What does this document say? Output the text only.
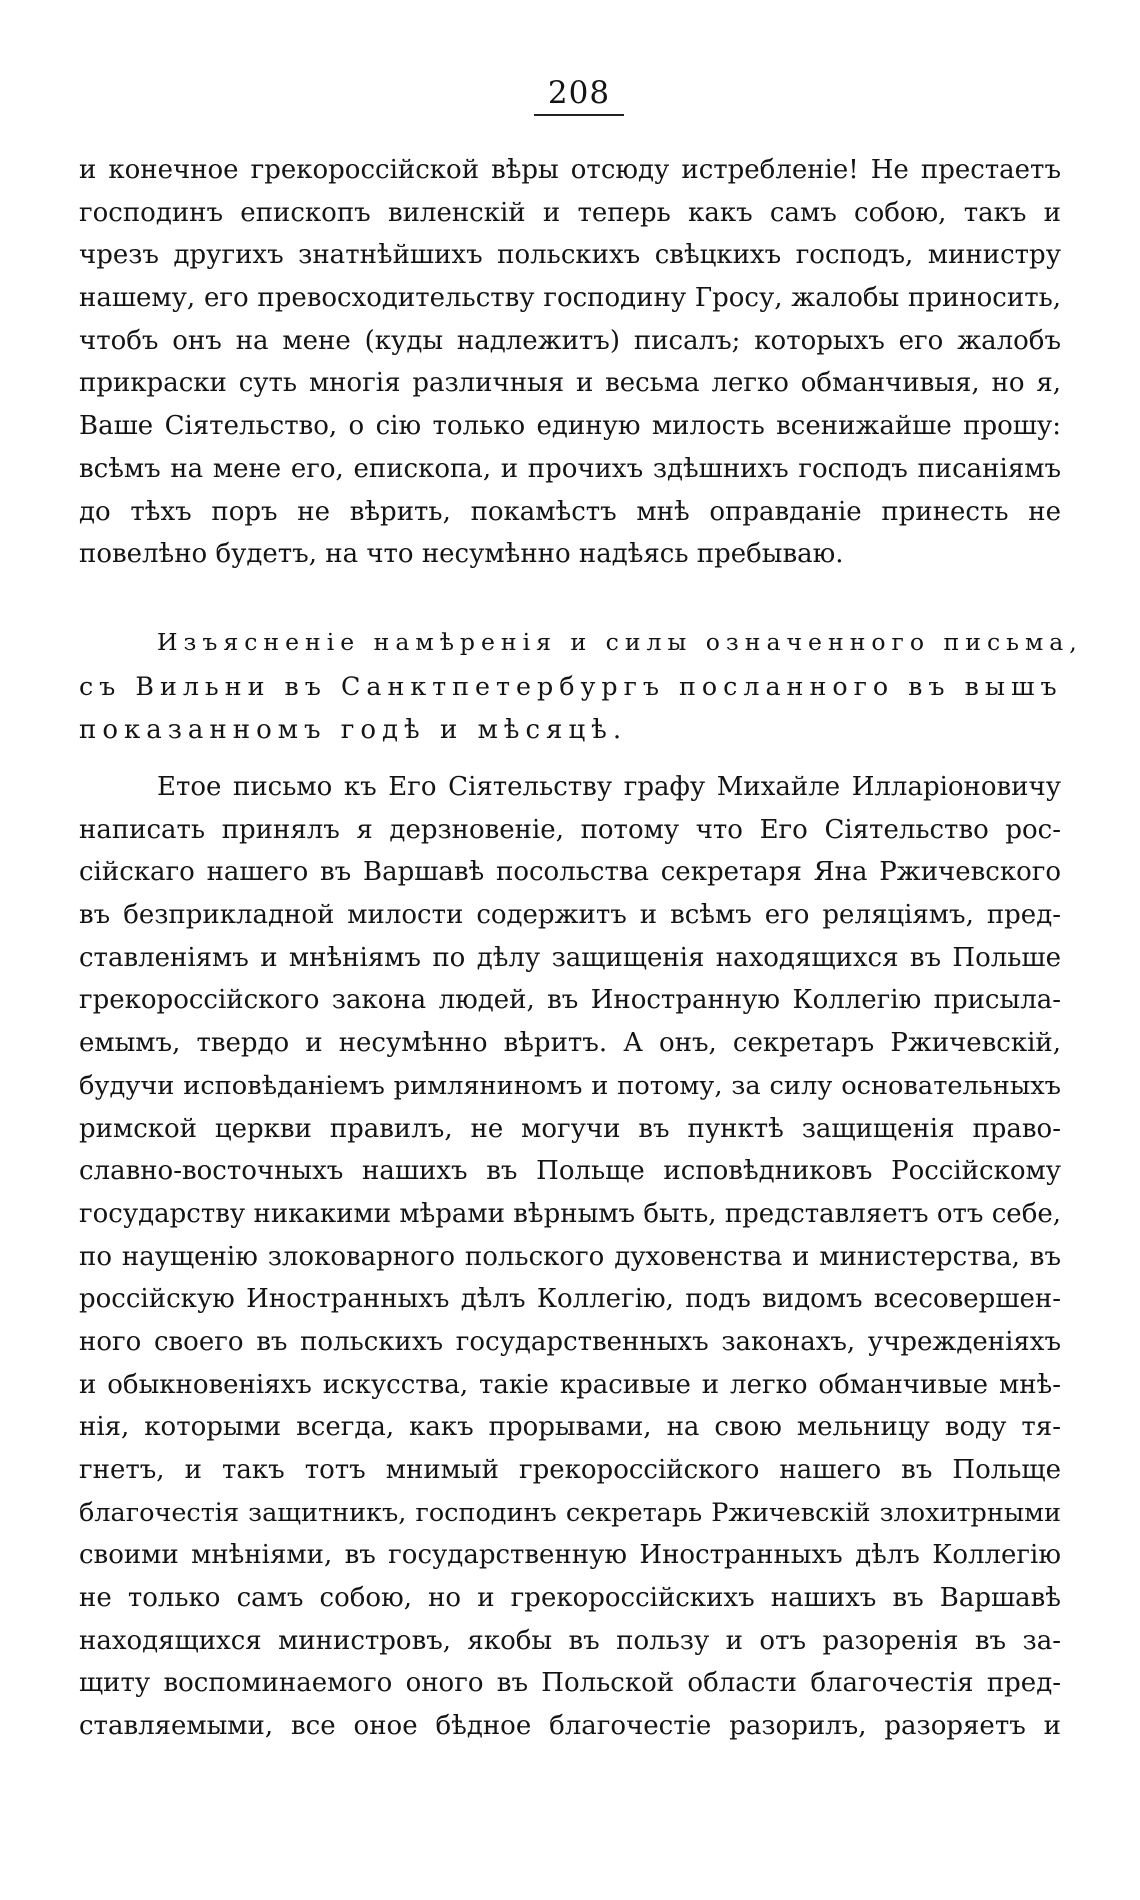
208
и конечное грекороссійской вѣры отсюду истребленіе! Не престаетъ
господинъ епископъ виленскій и теперь какъ самъ собою, такъ и
чрезъ другихъ знатнѣйшихъ польскихъ свѣцкихъ господъ, министру
нашему, его превосходительству господину Гросу, жалобы приносить,
чтобъ онъ на мене (куды надлежитъ) писалъ; которыхъ его жалобъ
прикраски суть многія различныя и весьма легко обманчивыя, но я,
Ваше Сіятельство, о сію только единую милость всенижайше прошу:
всѣмъ на мене его, епископа, и прочихъ здѣшнихъ господъ писаніямъ
до тѣхъ поръ не вѣрить, покамѣстъ мнѣ оправданіе принесть не
повелѣно будетъ, на что несумѣнно надѣясь пребываю.
Изъясненіе намѣренія и силы означенного письма,
съ Вильни въ Санктпетербургъ посланного въ вышъ
показанномъ годѣ и мѣсяцѣ.
Етое письмо къ Его Сіятельству графу Михайле Илларіоновичу
написать принялъ я дерзновеніе, потому что Его Сіятельство рос-
сійскаго нашего въ Варшавѣ посольства секретаря Яна Ржичевского
въ безприкладной милости содержитъ и всѣмъ его реляціямъ, пред-
ставленіямъ и мнѣніямъ по дѣлу защищенія находящихся въ Польше
грекороссійского закона людей, въ Иностранную Коллегію присыла-
емымъ, твердо и несумѣнно вѣритъ. А онъ, секретаръ Ржичевскій,
будучи исповѣданіемъ римляниномъ и потому, за силу основательныхъ
римской церкви правилъ, не могучи въ пунктѣ защищенія право-
славно-восточныхъ нашихъ въ Польще исповѣдниковъ Россійскому
государству никакими мѣрами вѣрнымъ быть, представляетъ отъ себе,
по наущенію злоковарного польского духовенства и министерства, въ
россійскую Иностранныхъ дѣлъ Коллегію, подъ видомъ всесовершен-
ного своего въ польскихъ государственныхъ законахъ, учрежденіяхъ
и обыкновеніяхъ искусства, такіе красивые и легко обманчивые мнѣ-
нія, которыми всегда, какъ прорывами, на свою мельницу воду тя-
гнетъ, и такъ тотъ мнимый грекороссійского нашего въ Польще
благочестія защитникъ, господинъ секретарь Ржичевскій злохитрными
своими мнѣніями, въ государственную Иностранныхъ дѣлъ Коллегію
не только самъ собою, но и грекороссійскихъ нашихъ въ Варшавѣ
находящихся министровъ, якобы въ пользу и отъ разоренія въ за-
щиту воспоминаемого оного въ Польской области благочестія пред-
ставляемыми, все оное бѣдное благочестіе разорилъ, разоряетъ и
